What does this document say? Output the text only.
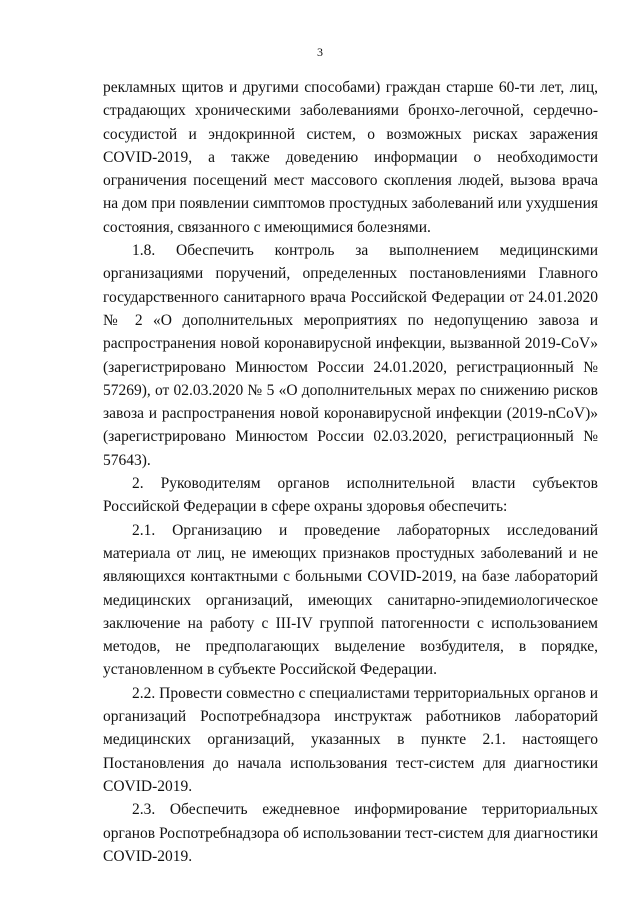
3

рекламных щитов и другими способами) граждан старше 60-ти лет, лиц, страдающих хроническими заболеваниями бронхо-легочной, сердечно-сосудистой и эндокринной систем, о возможных рисках заражения COVID-2019, а также доведению информации о необходимости ограничения посещений мест массового скопления людей, вызова врача на дом при появлении симптомов простудных заболеваний или ухудшения состояния, связанного с имеющимися болезнями.

1.8. Обеспечить контроль за выполнением медицинскими организациями поручений, определенных постановлениями Главного государственного санитарного врача Российской Федерации от 24.01.2020 № 2 «О дополнительных мероприятиях по недопущению завоза и распространения новой коронавирусной инфекции, вызванной 2019-CoV» (зарегистрировано Минюстом России 24.01.2020, регистрационный № 57269), от 02.03.2020 № 5 «О дополнительных мерах по снижению рисков завоза и распространения новой коронавирусной инфекции (2019-nCoV)» (зарегистрировано Минюстом России 02.03.2020, регистрационный № 57643).

2. Руководителям органов исполнительной власти субъектов Российской Федерации в сфере охраны здоровья обеспечить:

2.1. Организацию и проведение лабораторных исследований материала от лиц, не имеющих признаков простудных заболеваний и не являющихся контактными с больными COVID-2019, на базе лабораторий медицинских организаций, имеющих санитарно-эпидемиологическое заключение на работу с III-IV группой патогенности с использованием методов, не предполагающих выделение возбудителя, в порядке, установленном в субъекте Российской Федерации.

2.2. Провести совместно с специалистами территориальных органов и организаций Роспотребнадзора инструктаж работников лабораторий медицинских организаций, указанных в пункте 2.1. настоящего Постановления до начала использования тест-систем для диагностики COVID-2019.

2.3. Обеспечить ежедневное информирование территориальных органов Роспотребнадзора об использовании тест-систем для диагностики COVID-2019.
